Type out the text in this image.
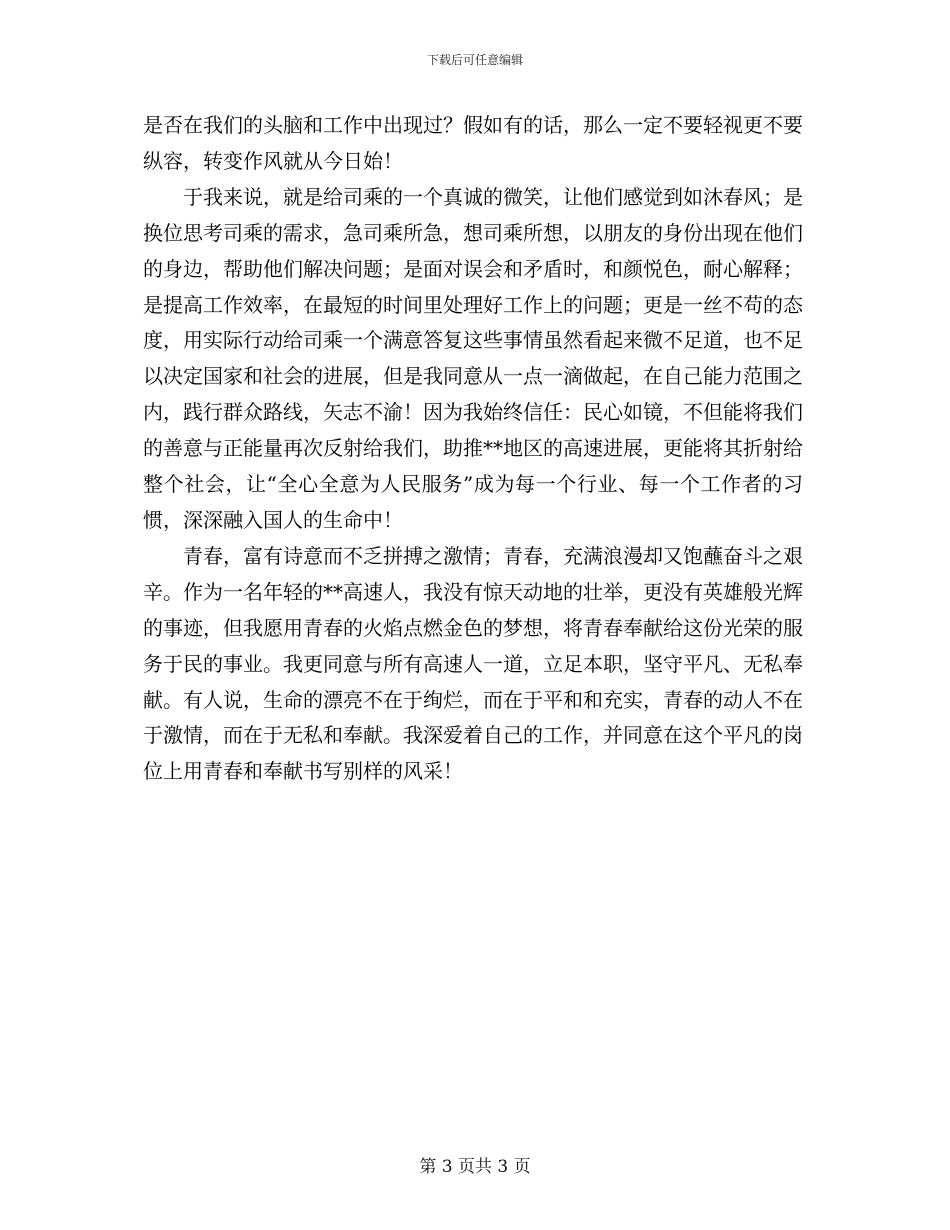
下载后可任意编辑

是否在我们的头脑和工作中出现过？假如有的话，那么一定不要轻视更不要纵容，转变作风就从今日始！

于我来说，就是给司乘的一个真诚的微笑，让他们感觉到如沐春风；是换位思考司乘的需求，急司乘所急，想司乘所想，以朋友的身份出现在他们的身边，帮助他们解决问题；是面对误会和矛盾时，和颜悦色，耐心解释；是提高工作效率，在最短的时间里处理好工作上的问题；更是一丝不苟的态度，用实际行动给司乘一个满意答复这些事情虽然看起来微不足道，也不足以决定国家和社会的进展，但是我同意从一点一滴做起，在自己能力范围之内，践行群众路线，矢志不渝！因为我始终信任：民心如镜，不但能将我们的善意与正能量再次反射给我们，助推**地区的高速进展，更能将其折射给整个社会，让“全心全意为人民服务”成为每一个行业、每一个工作者的习惯，深深融入国人的生命中！

青春，富有诗意而不乏拼搏之激情；青春，充满浪漫却又饱蘸奋斗之艰辛。作为一名年轻的**高速人，我没有惊天动地的壮举，更没有英雄般光辉的事迹，但我愿用青春的火焰点燃金色的梦想，将青春奉献给这份光荣的服务于民的事业。我更同意与所有高速人一道，立足本职，坚守平凡、无私奉献。有人说，生命的漂亮不在于绚烂，而在于平和和充实，青春的动人不在于激情，而在于无私和奉献。我深爱着自己的工作，并同意在这个平凡的岗位上用青春和奉献书写别样的风采！

第 3 页共 3 页
